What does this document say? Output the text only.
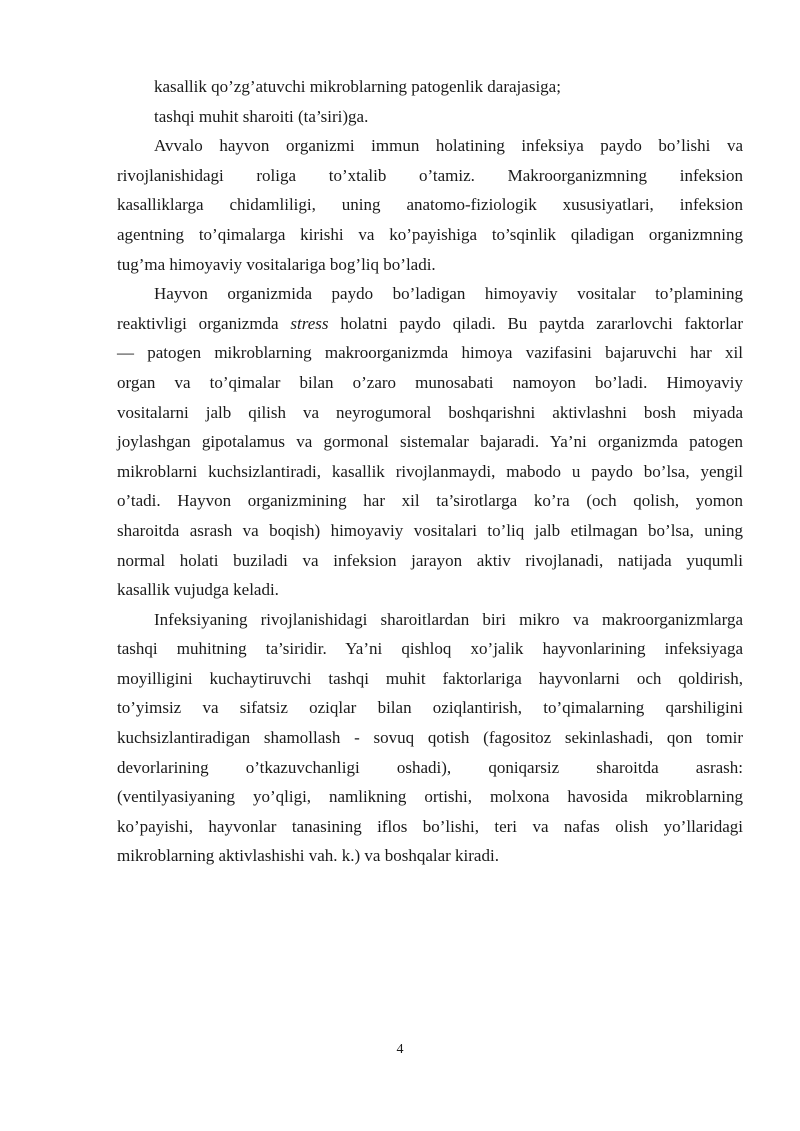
kasallik qo’zg’atuvchi mikroblarning patogenlik darajasiga;
tashqi muhit sharoiti (ta’siri)ga.
Avvalo hayvon organizmi immun holatining infeksiya paydo bo’lishi va
rivojlanishidagi roliga to’xtalib o’tamiz. Makroorganizmning infeksion
kasalliklarga chidamliligi, uning anatomo-fiziologik xususiyatlari, infeksion
agentning to’qimalarga kirishi va ko’payishiga to’sqinlik qiladigan organizmning
tug’ma himoyaviy vositalariga bog’liq bo’ladi.
Hayvon organizmida paydo bo’ladigan himoyaviy vositalar to’plamining
reaktivligi organizmda stress holatni paydo qiladi. Bu paytda zararlovchi faktorlar
— patogen mikroblarning makroorganizmda himoya vazifasini bajaruvchi har xil
organ va to’qimalar bilan o’zaro munosabati namoyon bo’ladi. Himoyaviy
vositalarni jalb qilish va neyrogumoral boshqarishni aktivlashni bosh miyada
joylashgan gipotalamus va gormonal sistemalar bajaradi. Ya’ni organizmda patogen
mikroblarni kuchsizlantiradi, kasallik rivojlanmaydi, mabodo u paydo bo’lsa, yengil
o’tadi. Hayvon organizmining har xil ta’sirotlarga ko’ra (och qolish, yomon
sharoitda asrash va boqish) himoyaviy vositalari to’liq jalb etilmagan bo’lsa, uning
normal holati buziladi va infeksion jarayon aktiv rivojlanadi, natijada yuqumli
kasallik vujudga keladi.
Infeksiyaning rivojlanishidagi sharoitlardan biri mikro va makroorganizmlarga
tashqi muhitning ta’siridir. Ya’ni qishloq xo’jalik hayvonlarining infeksiyaga
moyilligini kuchaytiruvchi tashqi muhit faktorlariga hayvonlarni och qoldirish,
to’yimsiz va sifatsiz oziqlar bilan oziqlantirish, to’qimalarning qarshiligini
kuchsizlantiradigan shamollash - sovuq qotish (fagositoz sekinlashadi, qon tomir
devorlarining o’tkazuvchanligi oshadi), qoniqarsiz sharoitda asrash:
(ventilyasiyaning yo’qligi, namlikning ortishi, molxona havosida mikroblarning
ko’payishi, hayvonlar tanasining iflos bo’lishi, teri va nafas olish yo’llaridagi
mikroblarning aktivlashishi vah. k.) va boshqalar kiradi.
4
